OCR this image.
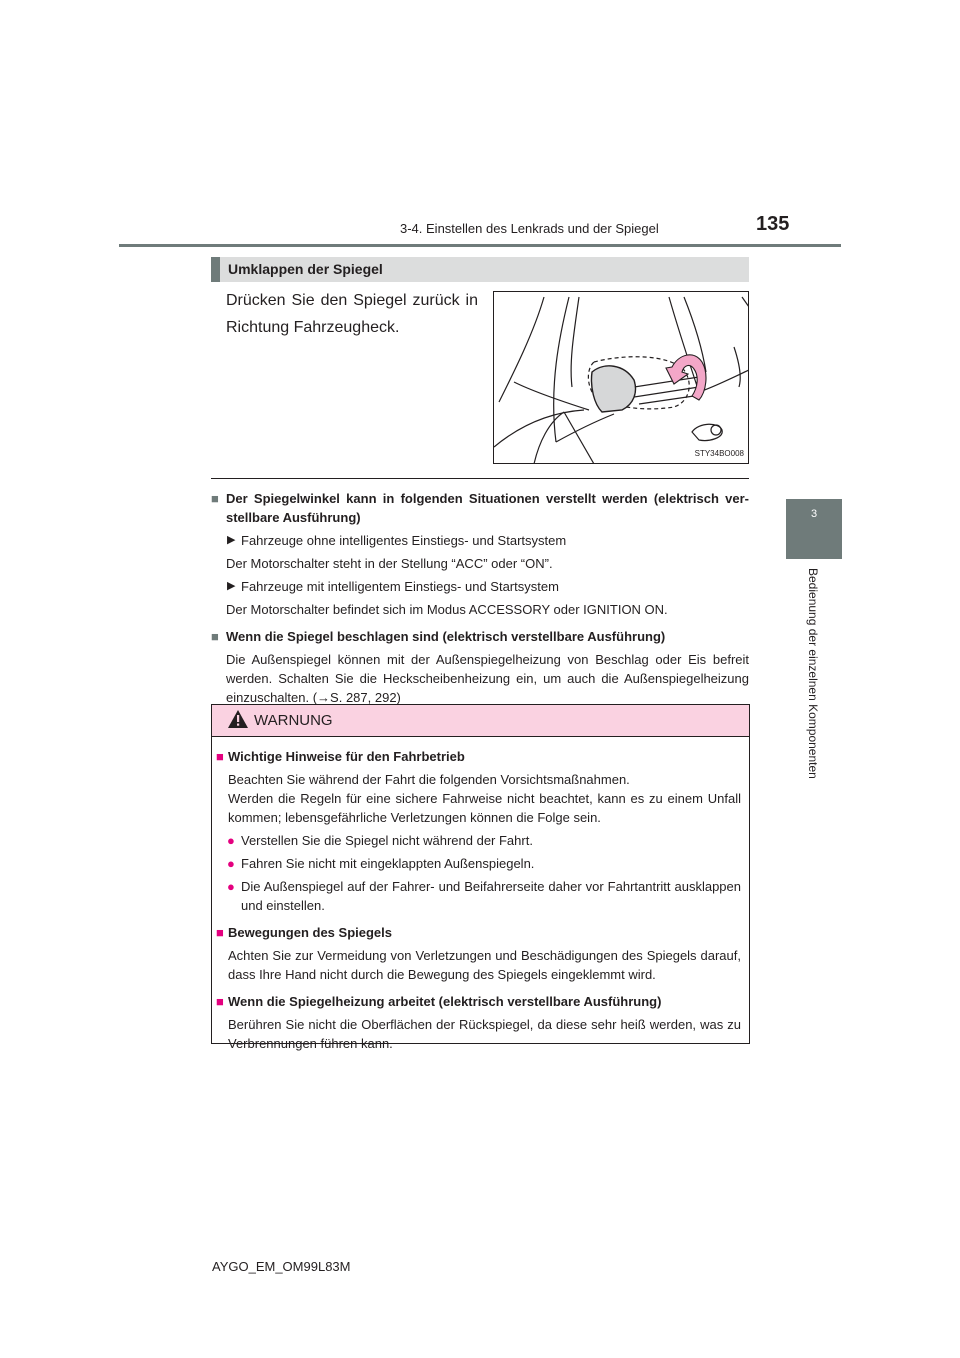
3-4. Einstellen des Lenkrads und der Spiegel	135
3
Bedienung der einzelnen Komponenten
Umklappen der Spiegel
Drücken Sie den Spiegel zurück in Richtung Fahrzeugheck.
STY34BO008

■ Der Spiegelwinkel kann in folgenden Situationen verstellt werden (elektrisch verstellbare Ausführung)

▶ Fahrzeuge ohne intelligentes Einstiegs- und Startsystem

Der Motorschalter steht in der Stellung “ACC” oder “ON”.

▶ Fahrzeuge mit intelligentem Einstiegs- und Startsystem

Der Motorschalter befindet sich im Modus ACCESSORY oder IGNITION ON.

■ Wenn die Spiegel beschlagen sind (elektrisch verstellbare Ausführung)

Die Außenspiegel können mit der Außenspiegelheizung von Beschlag oder Eis befreit werden. Schalten Sie die Heckscheibenheizung ein, um auch die Außenspiegelheizung einzuschalten. (→S. 287, 292)

WARNUNG

■ Wichtige Hinweise für den Fahrbetrieb

Beachten Sie während der Fahrt die folgenden Vorsichtsmaßnahmen.
Werden die Regeln für eine sichere Fahrweise nicht beachtet, kann es zu einem Unfall kommen; lebensgefährliche Verletzungen können die Folge sein.

● Verstellen Sie die Spiegel nicht während der Fahrt.

● Fahren Sie nicht mit eingeklappten Außenspiegeln.

● Die Außenspiegel auf der Fahrer- und Beifahrerseite daher vor Fahrtantritt ausklappen und einstellen.

■ Bewegungen des Spiegels

Achten Sie zur Vermeidung von Verletzungen und Beschädigungen des Spiegels darauf, dass Ihre Hand nicht durch die Bewegung des Spiegels eingeklemmt wird.

■ Wenn die Spiegelheizung arbeitet (elektrisch verstellbare Ausführung)

Berühren Sie nicht die Oberflächen der Rückspiegel, da diese sehr heiß werden, was zu Verbrennungen führen kann.

AYGO_EM_OM99L83M
